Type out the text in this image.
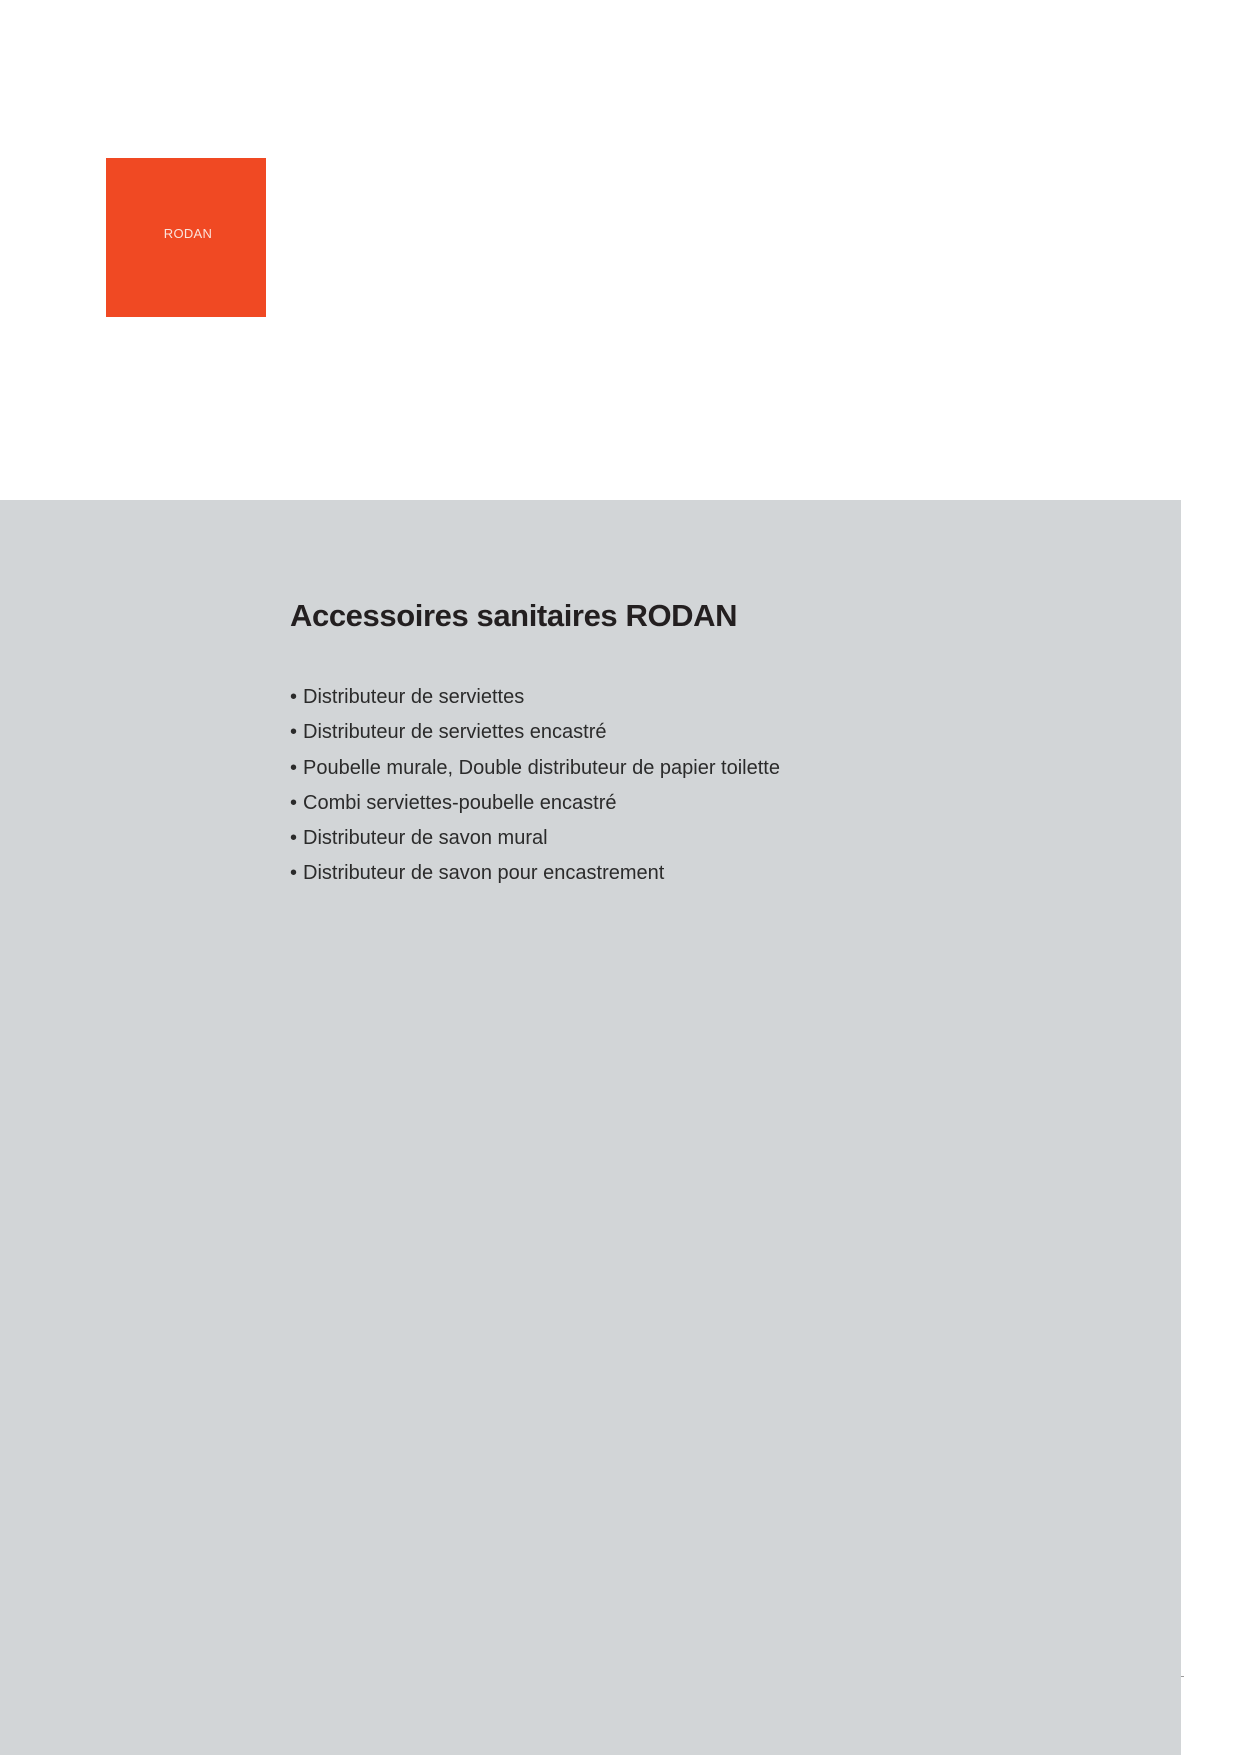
RODAN
Accessoires sanitaires RODAN
• Distributeur de serviettes
• Distributeur de serviettes encastré
• Poubelle murale, Double distributeur de papier toilette
• Combi serviettes-poubelle encastré
• Distributeur de savon mural
• Distributeur de savon pour encastrement
